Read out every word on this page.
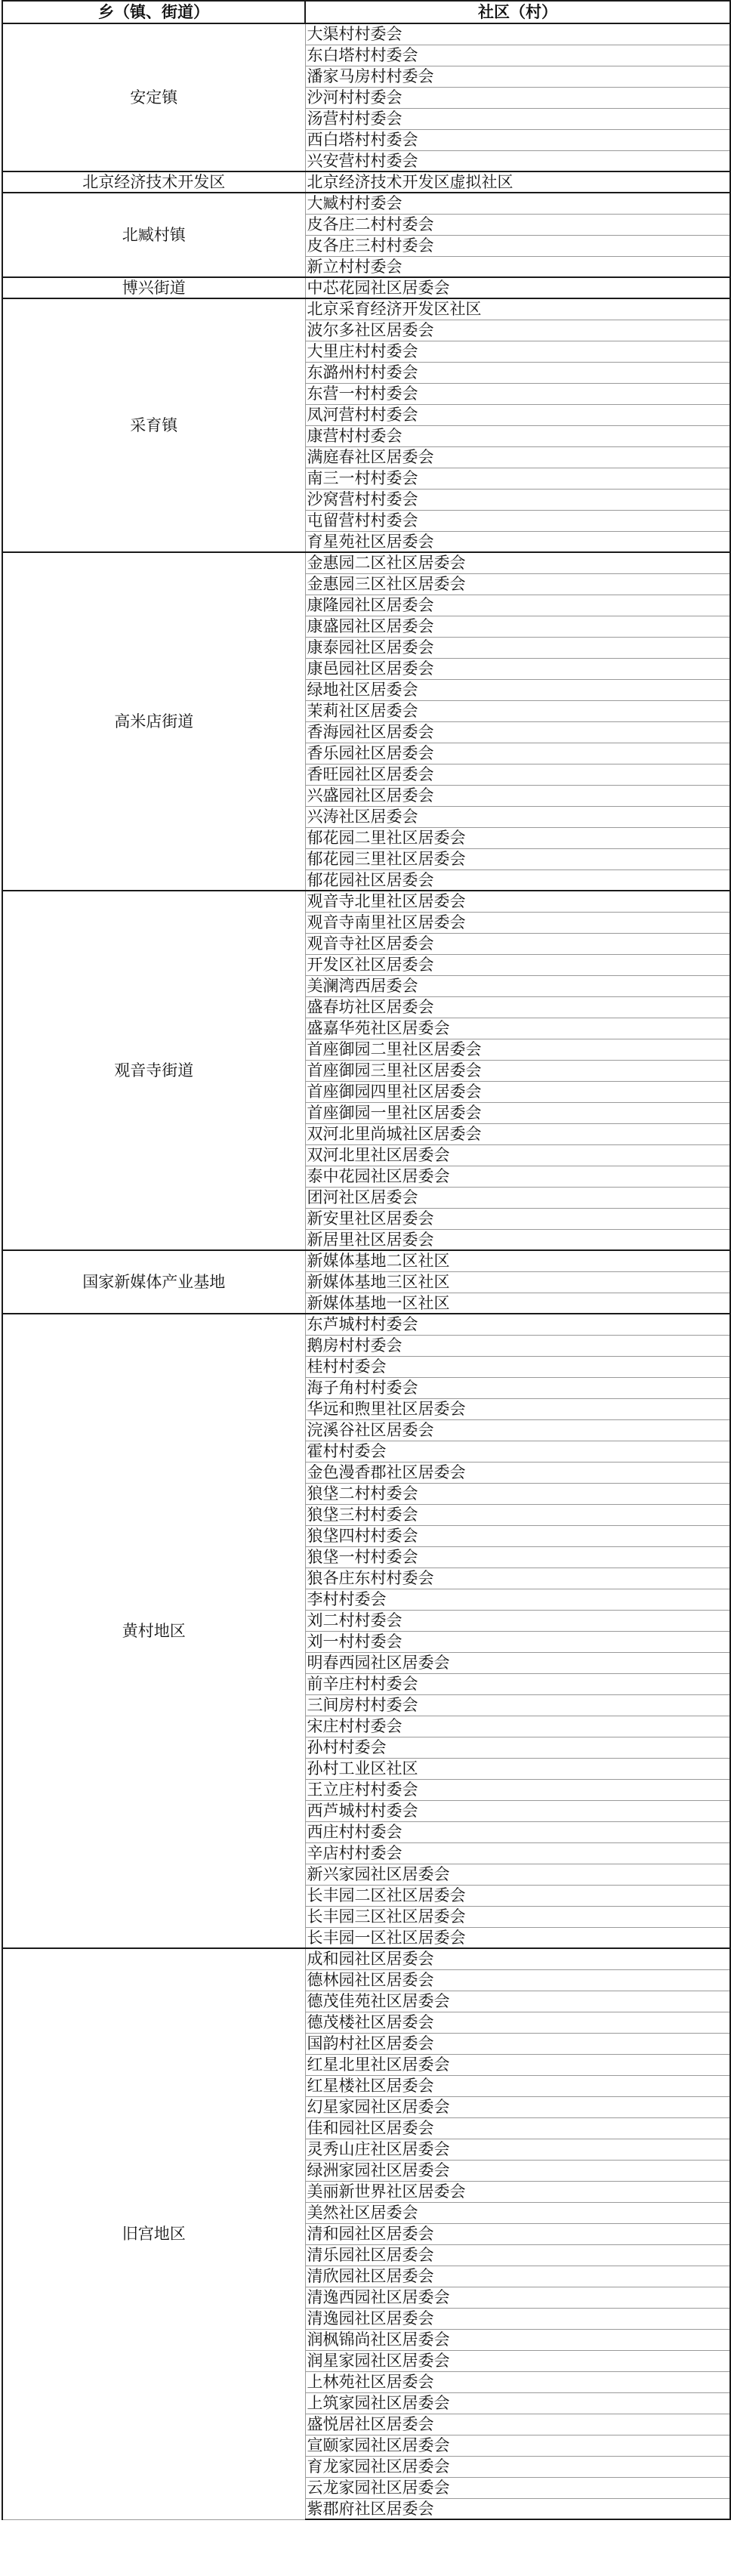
乡（镇、街道）	社区（村）
安定镇	大渠村村委会
	东白塔村村委会
	潘家马房村村委会
	沙河村村委会
	汤营村村委会
	西白塔村村委会
	兴安营村村委会
北京经济技术开发区	北京经济技术开发区虚拟社区
北臧村镇	大臧村村委会
	皮各庄二村村委会
	皮各庄三村村委会
	新立村村委会
博兴街道	中芯花园社区居委会
采育镇	北京采育经济开发区社区
	波尔多社区居委会
	大里庄村村委会
	东潞州村村委会
	东营一村村委会
	凤河营村村委会
	康营村村委会
	满庭春社区居委会
	南三一村村委会
	沙窝营村村委会
	屯留营村村委会
	育星苑社区居委会
高米店街道	金惠园二区社区居委会
	金惠园三区社区居委会
	康隆园社区居委会
	康盛园社区居委会
	康泰园社区居委会
	康邑园社区居委会
	绿地社区居委会
	茉莉社区居委会
	香海园社区居委会
	香乐园社区居委会
	香旺园社区居委会
	兴盛园社区居委会
	兴涛社区居委会
	郁花园二里社区居委会
	郁花园三里社区居委会
	郁花园社区居委会
观音寺街道	观音寺北里社区居委会
	观音寺南里社区居委会
	观音寺社区居委会
	开发区社区居委会
	美澜湾西居委会
	盛春坊社区居委会
	盛嘉华苑社区居委会
	首座御园二里社区居委会
	首座御园三里社区居委会
	首座御园四里社区居委会
	首座御园一里社区居委会
	双河北里尚城社区居委会
	双河北里社区居委会
	泰中花园社区居委会
	团河社区居委会
	新安里社区居委会
	新居里社区居委会
国家新媒体产业基地	新媒体基地二区社区
	新媒体基地三区社区
	新媒体基地一区社区
黄村地区	东芦城村村委会
	鹅房村村委会
	桂村村委会
	海子角村村委会
	华远和煦里社区居委会
	浣溪谷社区居委会
	霍村村委会
	金色漫香郡社区居委会
	狼垡二村村委会
	狼垡三村村委会
	狼垡四村村委会
	狼垡一村村委会
	狼各庄东村村委会
	李村村委会
	刘二村村委会
	刘一村村委会
	明春西园社区居委会
	前辛庄村村委会
	三间房村村委会
	宋庄村村委会
	孙村村委会
	孙村工业区社区
	王立庄村村委会
	西芦城村村委会
	西庄村村委会
	辛店村村委会
	新兴家园社区居委会
	长丰园二区社区居委会
	长丰园三区社区居委会
	长丰园一区社区居委会
旧宫地区	成和园社区居委会
	德林园社区居委会
	德茂佳苑社区居委会
	德茂楼社区居委会
	国韵村社区居委会
	红星北里社区居委会
	红星楼社区居委会
	幻星家园社区居委会
	佳和园社区居委会
	灵秀山庄社区居委会
	绿洲家园社区居委会
	美丽新世界社区居委会
	美然社区居委会
	清和园社区居委会
	清乐园社区居委会
	清欣园社区居委会
	清逸西园社区居委会
	清逸园社区居委会
	润枫锦尚社区居委会
	润星家园社区居委会
	上林苑社区居委会
	上筑家园社区居委会
	盛悦居社区居委会
	宣颐家园社区居委会
	育龙家园社区居委会
	云龙家园社区居委会
	紫郡府社区居委会
